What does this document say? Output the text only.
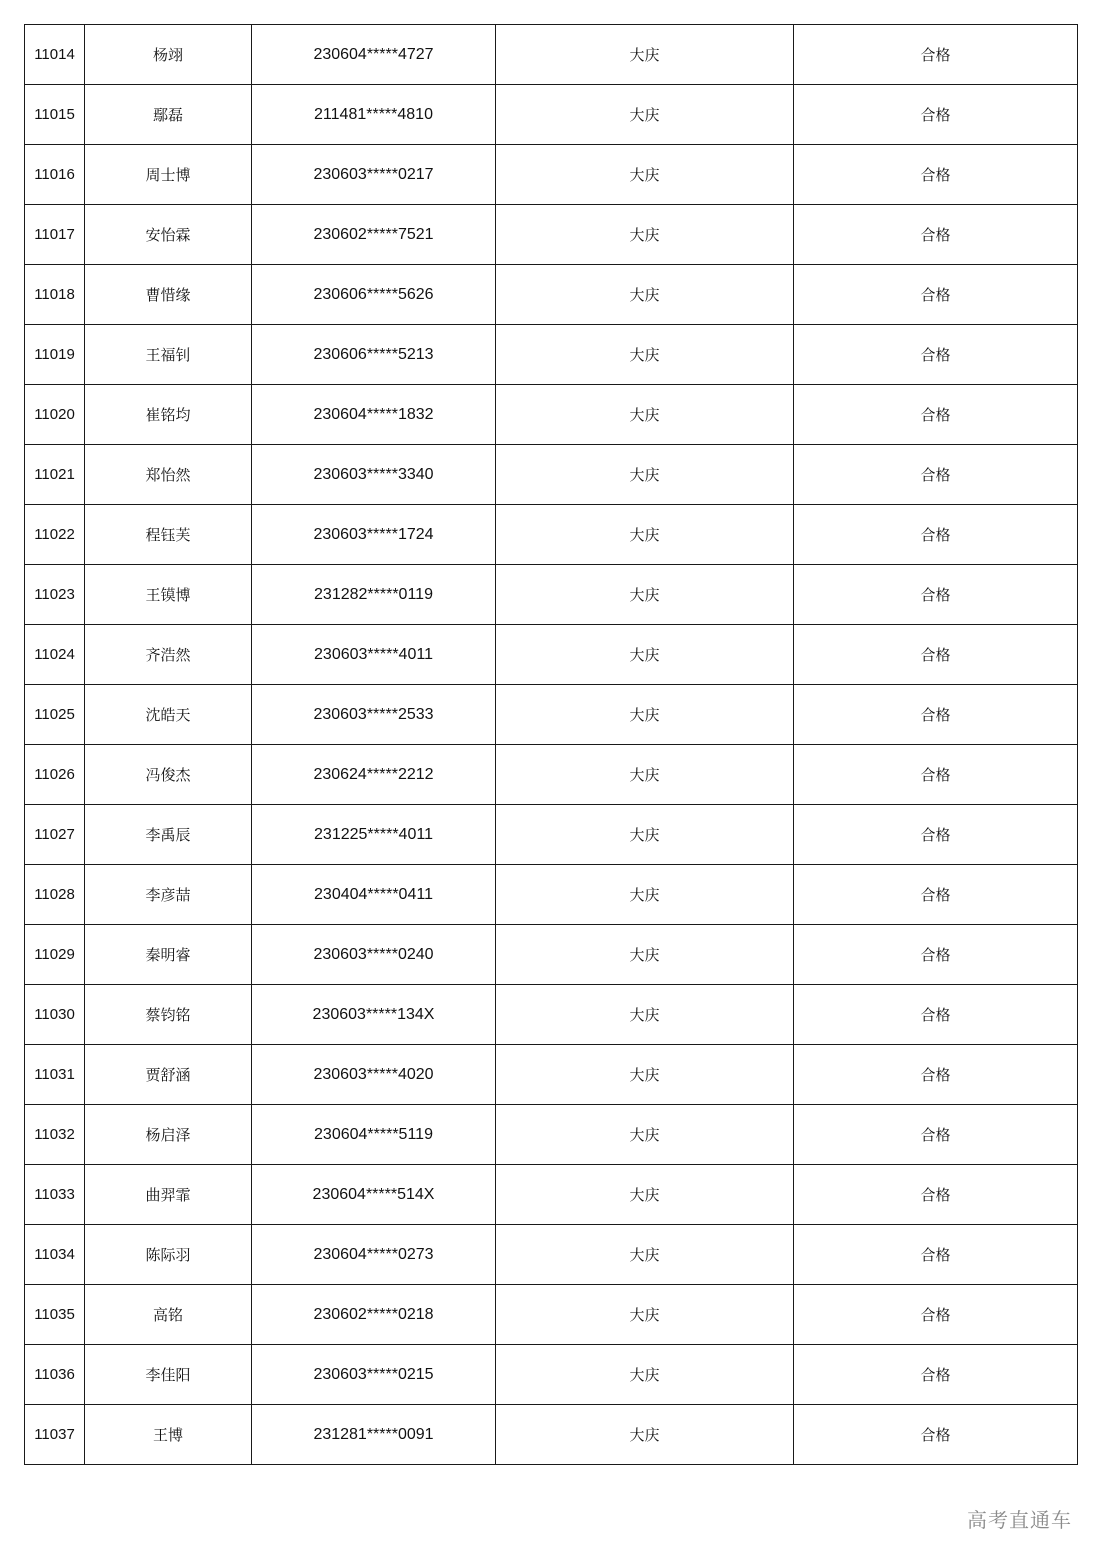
11014	杨翊	230604*****4727	大庆	合格
11015	鄢磊	211481*****4810	大庆	合格
11016	周士博	230603*****0217	大庆	合格
11017	安怡霖	230602*****7521	大庆	合格
11018	曹惜缘	230606*****5626	大庆	合格
11019	王福钊	230606*****5213	大庆	合格
11020	崔铭均	230604*****1832	大庆	合格
11021	郑怡然	230603*****3340	大庆	合格
11022	程钰芙	230603*****1724	大庆	合格
11023	王镆博	231282*****0119	大庆	合格
11024	齐浩然	230603*****4011	大庆	合格
11025	沈皓天	230603*****2533	大庆	合格
11026	冯俊杰	230624*****2212	大庆	合格
11027	李禹辰	231225*****4011	大庆	合格
11028	李彦喆	230404*****0411	大庆	合格
11029	秦明睿	230603*****0240	大庆	合格
11030	蔡钧铭	230603*****134X	大庆	合格
11031	贾舒涵	230603*****4020	大庆	合格
11032	杨启泽	230604*****5119	大庆	合格
11033	曲羿霏	230604*****514X	大庆	合格
11034	陈际羽	230604*****0273	大庆	合格
11035	高铭	230602*****0218	大庆	合格
11036	李佳阳	230603*****0215	大庆	合格
11037	王博	231281*****0091	大庆	合格
高考直通车
